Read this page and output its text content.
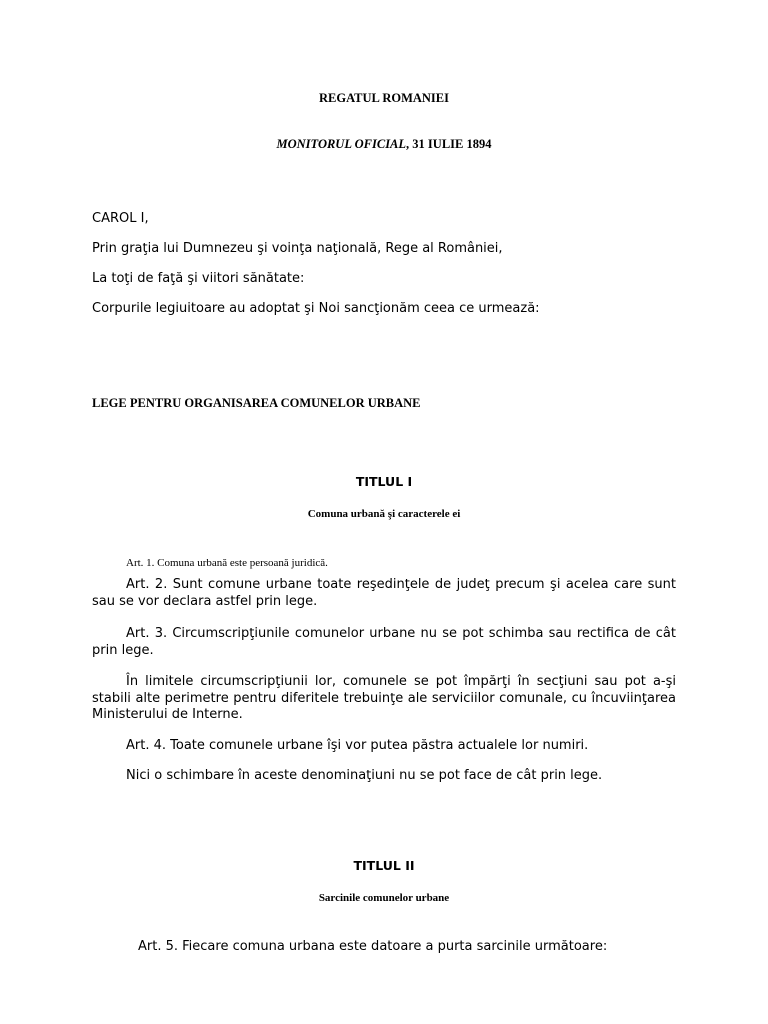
REGATUL ROMANIEI
MONITORUL OFICIAL, 31 IULIE 1894
CAROL I,
Prin graţia lui Dumnezeu şi voinţa naţională, Rege al României,
La toţi de faţă şi viitori sănătate:
Corpurile legiuitoare au adoptat şi Noi sancţionăm ceea ce urmează:
LEGE PENTRU ORGANISAREA COMUNELOR URBANE
TITLUL I
Comuna urbană şi caracterele ei
Art. 1. Comuna urbană este persoană juridică.

Art. 2. Sunt comune urbane toate reşedinţele de judeţ precum şi acelea care sunt sau se vor declara astfel prin lege.

Art. 3. Circumscripţiunile comunelor urbane nu se pot schimba sau rectifica de cât prin lege.

În limitele circumscripţiunii lor, comunele se pot împărţi în secţiuni sau pot a-şi stabili alte perimetre pentru diferitele trebuinţe ale serviciilor comunale, cu încuviinţarea Ministerului de Interne.

Art. 4. Toate comunele urbane îşi vor putea păstra actualele lor numiri.

Nici o schimbare în aceste denominaţiuni nu se pot face de cât prin lege.

TITLUL II
Sarcinile comunelor urbane
Art. 5. Fiecare comuna urbana este datoare a purta sarcinile următoare:
